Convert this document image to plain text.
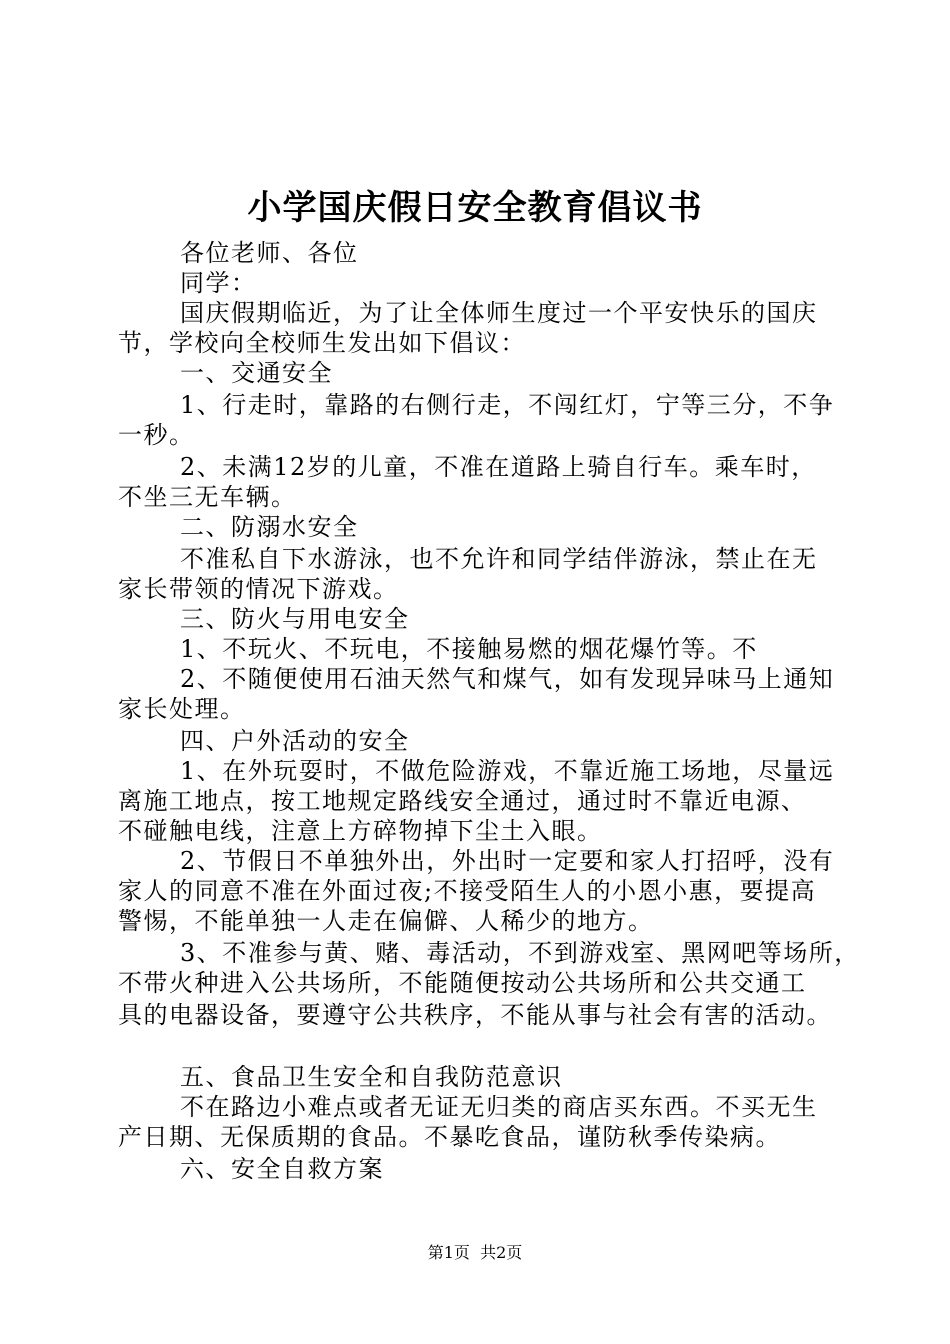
小学国庆假日安全教育倡议书
各位老师、各位
同学：
国庆假期临近，为了让全体师生度过一个平安快乐的国庆
节，学校向全校师生发出如下倡议：
一、交通安全
1、行走时，靠路的右侧行走，不闯红灯，宁等三分，不争
一秒。
2、未满12岁的儿童，不准在道路上骑自行车。乘车时，
不坐三无车辆。
二、防溺水安全
不准私自下水游泳，也不允许和同学结伴游泳，禁止在无
家长带领的情况下游戏。
三、防火与用电安全
1、不玩火、不玩电，不接触易燃的烟花爆竹等。不
2、不随便使用石油天然气和煤气，如有发现异味马上通知
家长处理。
四、户外活动的安全
1、在外玩耍时，不做危险游戏，不靠近施工场地，尽量远
离施工地点，按工地规定路线安全通过，通过时不靠近电源、
不碰触电线，注意上方碎物掉下尘土入眼。
2、节假日不单独外出，外出时一定要和家人打招呼，没有
家人的同意不准在外面过夜;不接受陌生人的小恩小惠，要提高
警惕，不能单独一人走在偏僻、人稀少的地方。
3、不准参与黄、赌、毒活动，不到游戏室、黑网吧等场所，
不带火种进入公共场所，不能随便按动公共场所和公共交通工
具的电器设备，要遵守公共秩序，不能从事与社会有害的活动。
五、食品卫生安全和自我防范意识
不在路边小难点或者无证无归类的商店买东西。不买无生
产日期、无保质期的食品。不暴吃食品，谨防秋季传染病。
六、安全自救方案
第1页  共2页
